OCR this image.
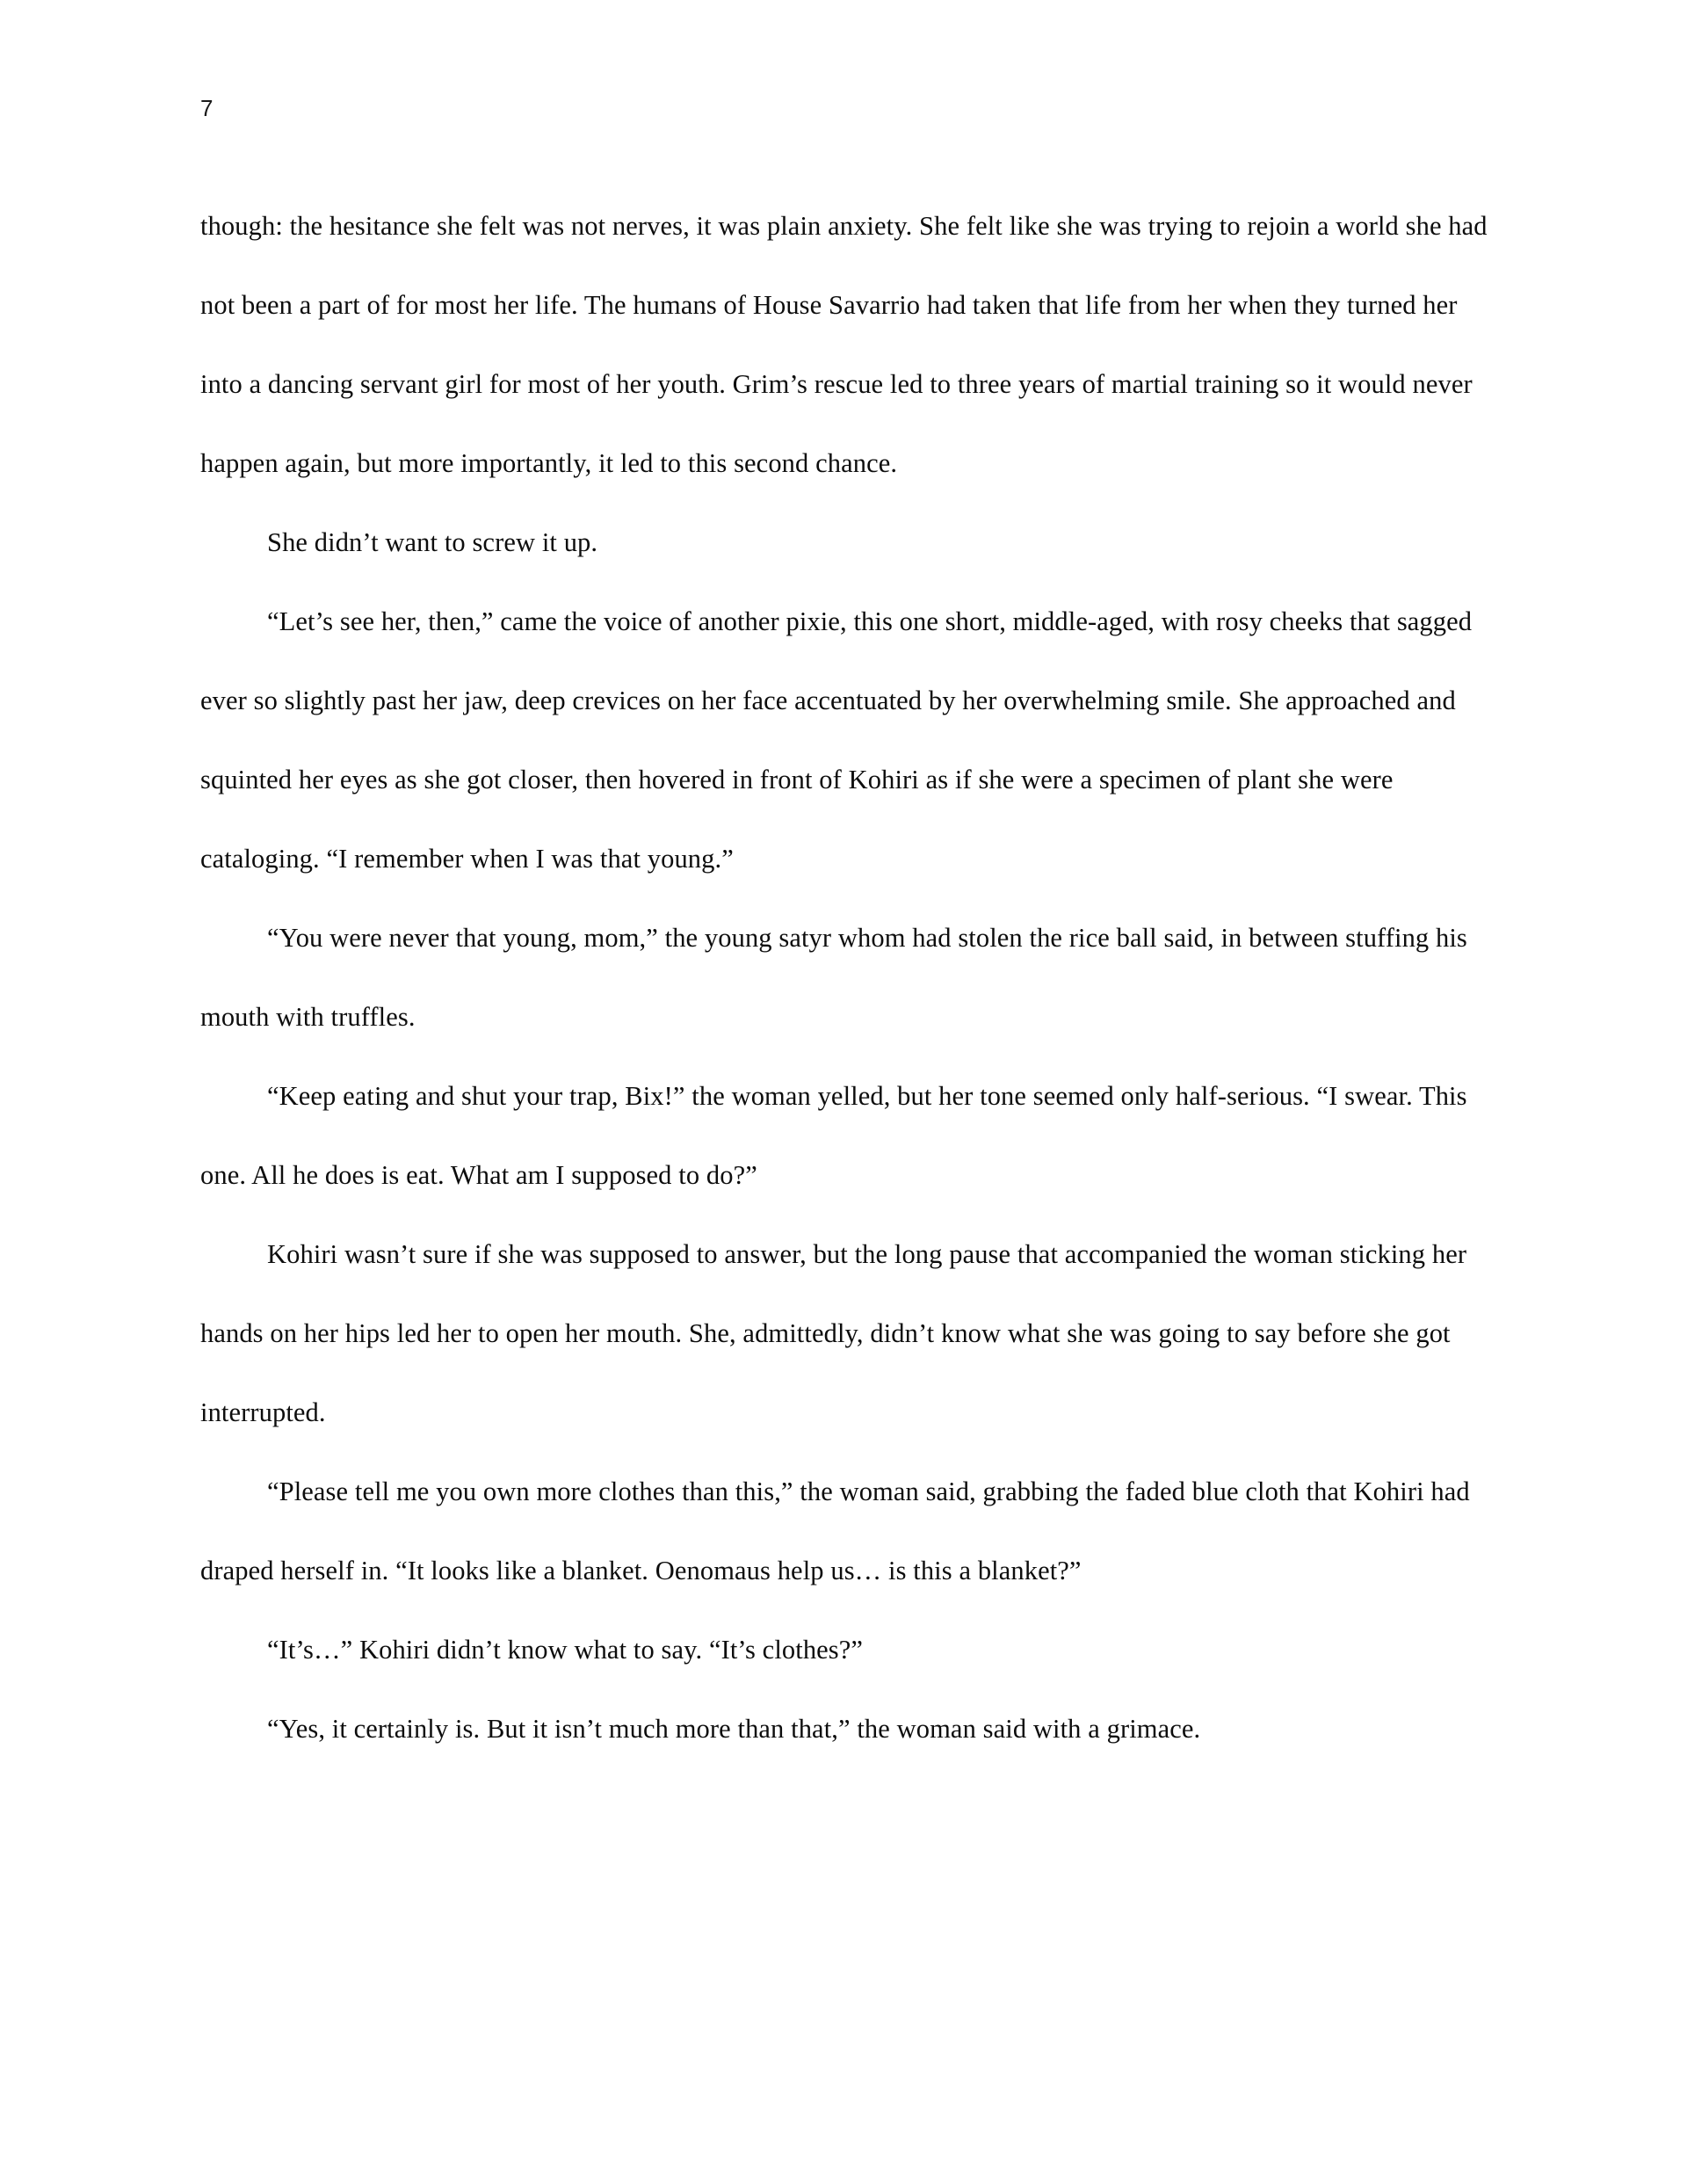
7

though: the hesitance she felt was not nerves, it was plain anxiety. She felt like she was trying to rejoin a world she had not been a part of for most her life. The humans of House Savarrio had taken that life from her when they turned her into a dancing servant girl for most of her youth. Grim’s rescue led to three years of martial training so it would never happen again, but more importantly, it led to this second chance.

She didn’t want to screw it up.

“Let’s see her, then,” came the voice of another pixie, this one short, middle-aged, with rosy cheeks that sagged ever so slightly past her jaw, deep crevices on her face accentuated by her overwhelming smile. She approached and squinted her eyes as she got closer, then hovered in front of Kohiri as if she were a specimen of plant she were cataloging. “I remember when I was that young.”

“You were never that young, mom,” the young satyr whom had stolen the rice ball said, in between stuffing his mouth with truffles.

“Keep eating and shut your trap, Bix!” the woman yelled, but her tone seemed only half-serious. “I swear. This one. All he does is eat. What am I supposed to do?”

Kohiri wasn’t sure if she was supposed to answer, but the long pause that accompanied the woman sticking her hands on her hips led her to open her mouth. She, admittedly, didn’t know what she was going to say before she got interrupted.

“Please tell me you own more clothes than this,” the woman said, grabbing the faded blue cloth that Kohiri had draped herself in. “It looks like a blanket. Oenomaus help us… is this a blanket?”

“It’s…” Kohiri didn’t know what to say. “It’s clothes?”

“Yes, it certainly is. But it isn’t much more than that,” the woman said with a grimace.
